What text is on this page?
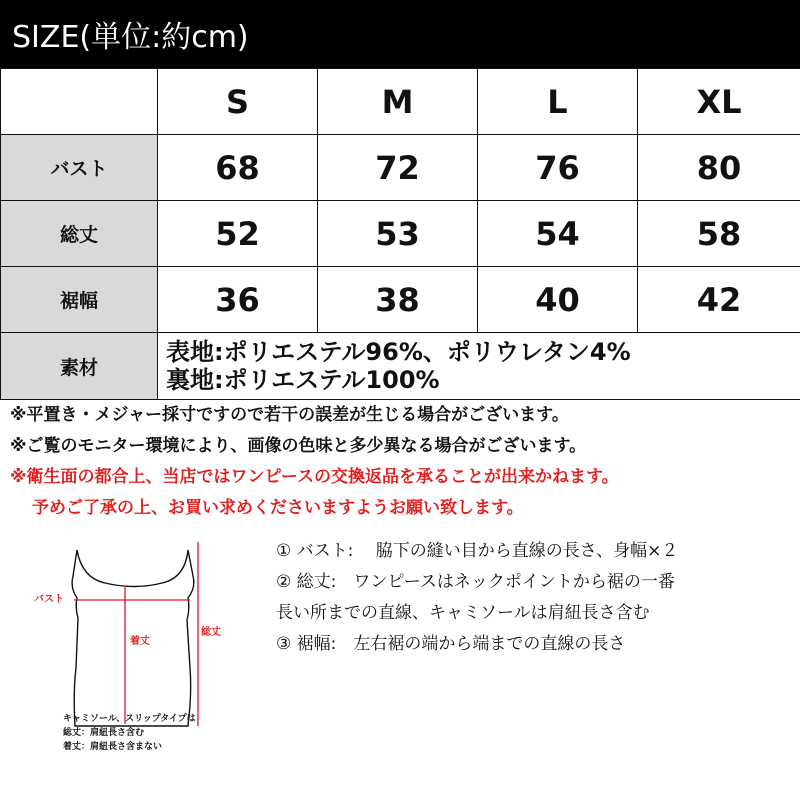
SIZE(単位:約cm)
	S	M	L	XL
バスト	68	72	76	80
総丈	52	53	54	58
裾幅	36	38	40	42
素材	表地:ポリエステル96%、ポリウレタン4%
裏地:ポリエステル100%			
※平置き・メジャー採寸ですので若干の誤差が生じる場合がございます。
※ご覧のモニター環境により、画像の色味と多少異なる場合がございます。
※衛生面の都合上、当店ではワンピースの交換返品を承ることが出来かねます。
予めご了承の上、お買い求めくださいますようお願い致します。
バスト
着丈
総丈
キャミソール、スリップタイプは
総丈：肩紐長さ含む
着丈：肩紐長さ含まない
① バスト:　 脇下の縫い目から直線の長さ、身幅×２
② 総丈:　ワンピースはネックポイントから裾の一番
長い所までの直線、キャミソールは肩紐長さ含む
③ 裾幅:　左右裾の端から端までの直線の長さ
